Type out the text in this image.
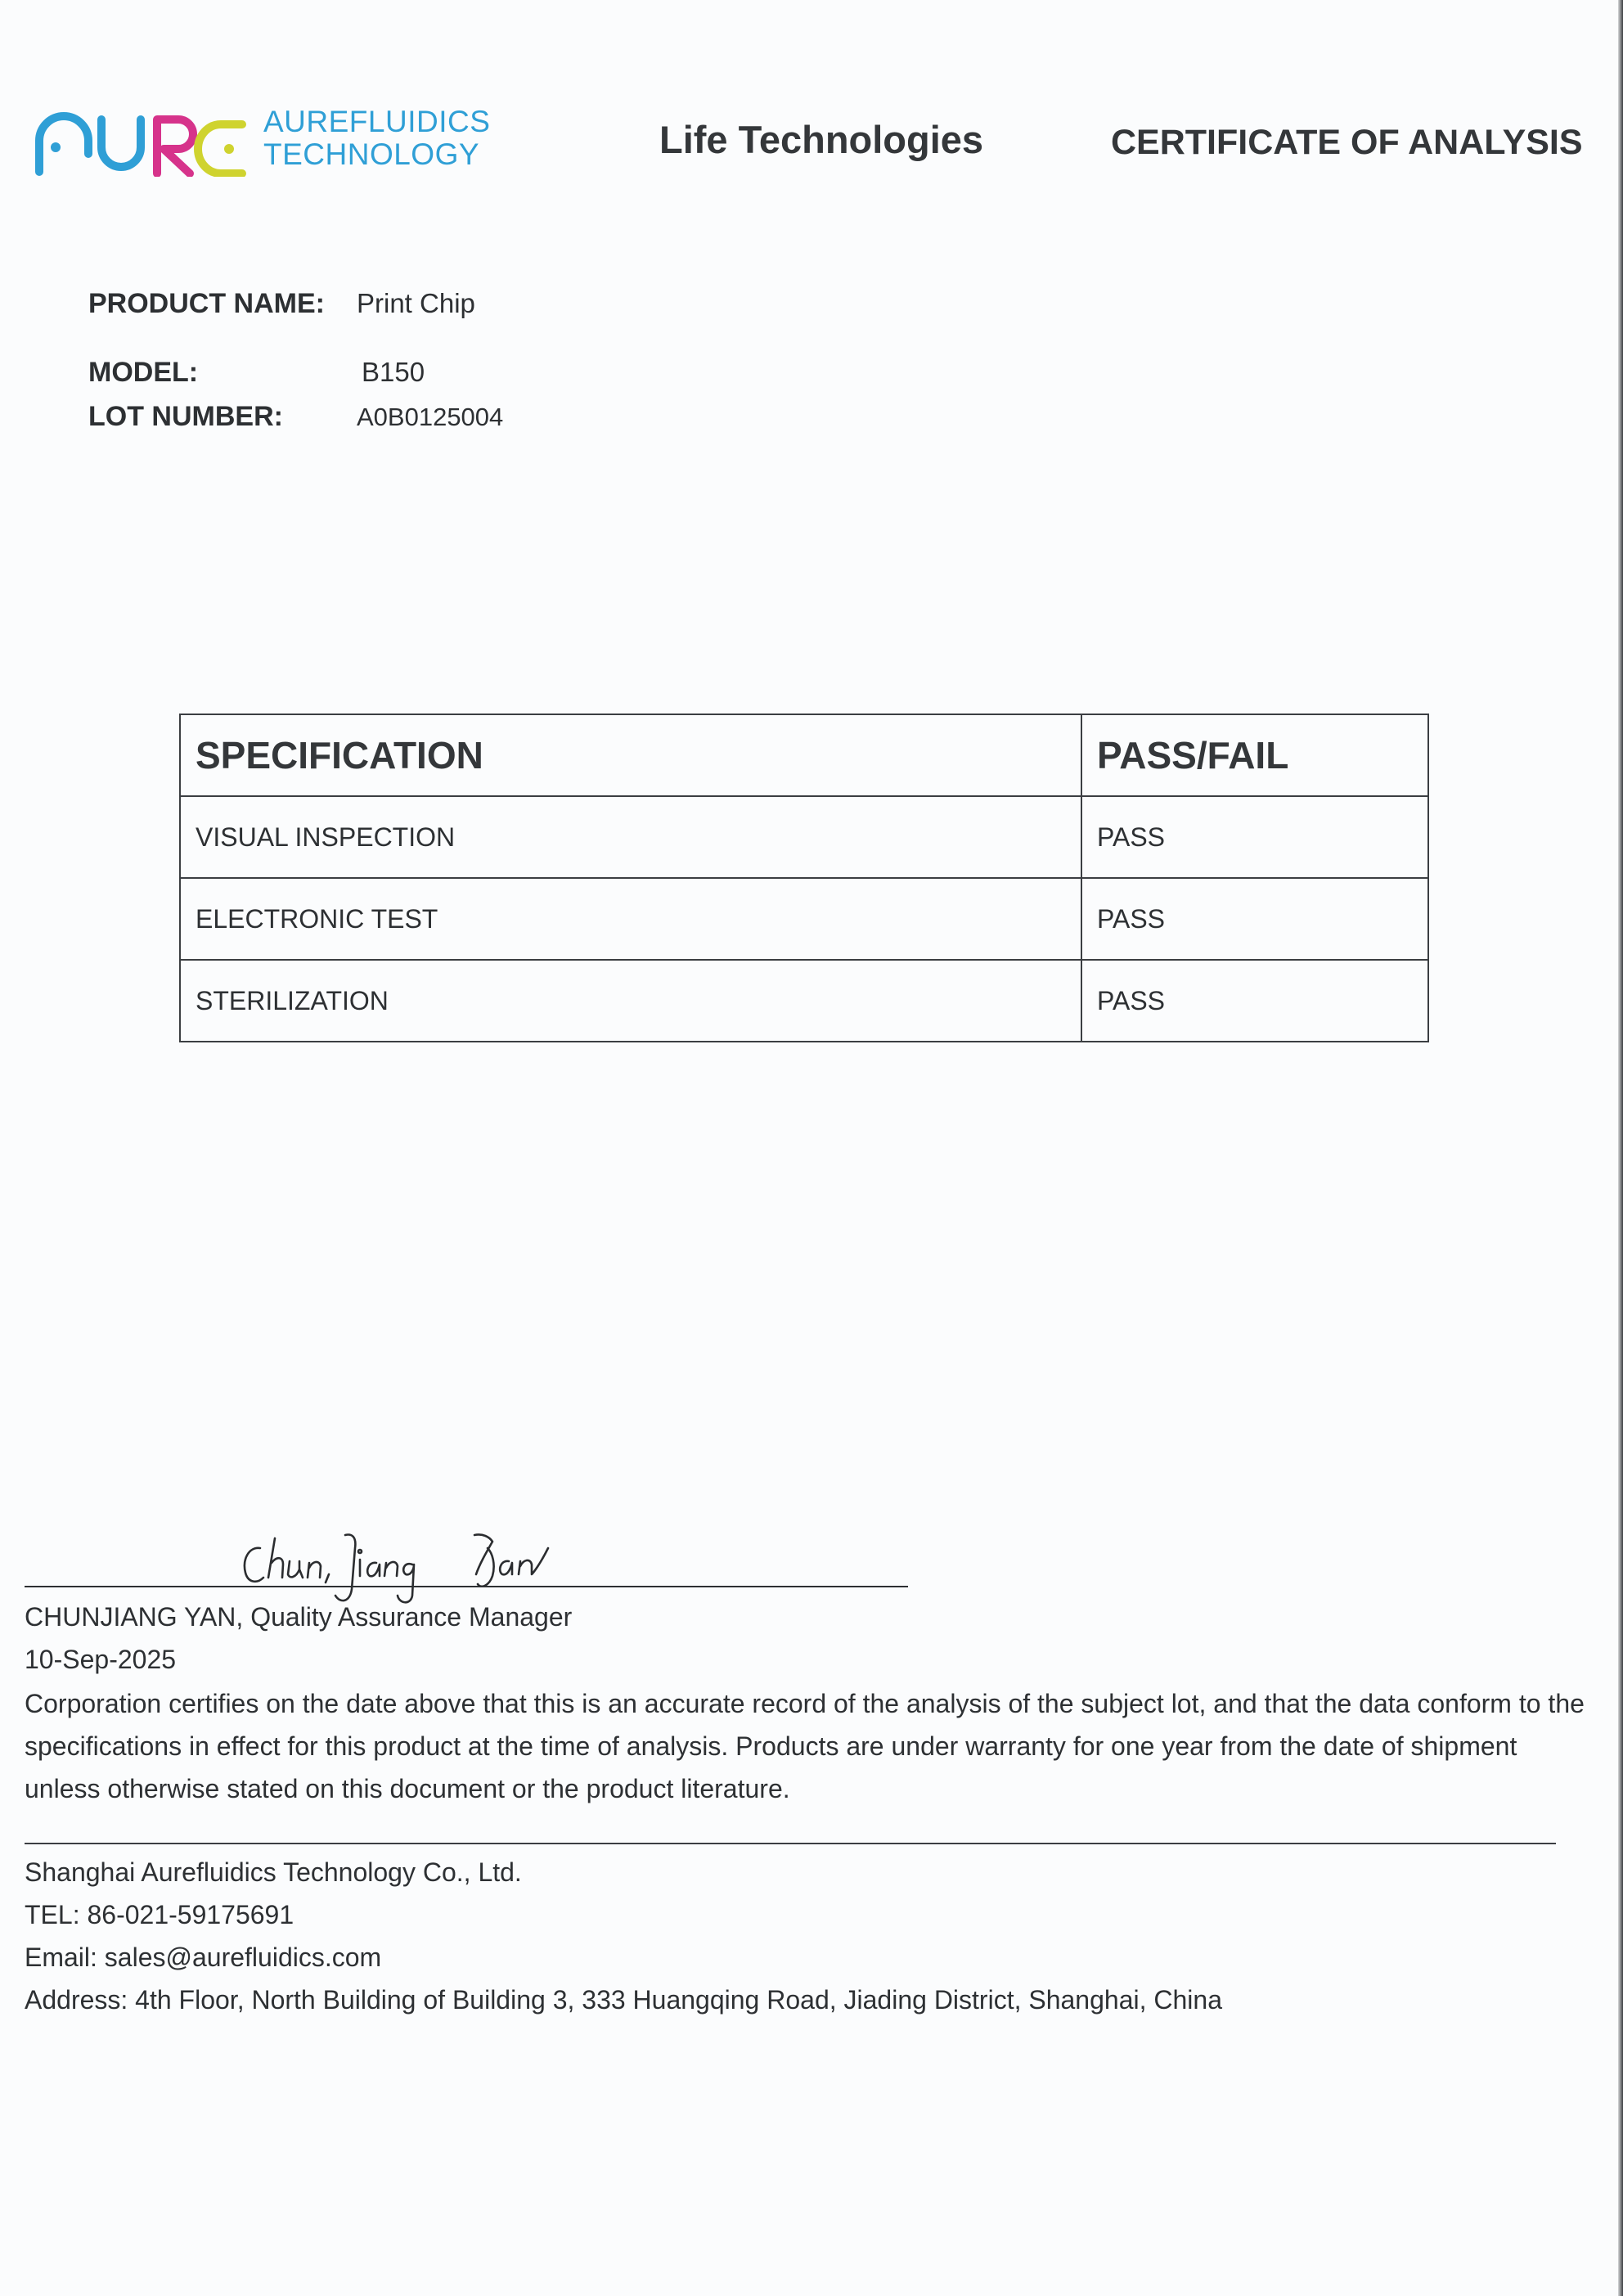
AUREFLUIDICS
TECHNOLOGY	Life Technologies	CERTIFICATE OF ANALYSIS
PRODUCT NAME: Print Chip
MODEL:	B150
LOT NUMBER:	A0B0125004
SPECIFICATION	PASS/FAIL
VISUAL INSPECTION	PASS
ELECTRONIC TEST	PASS
STERILIZATION	PASS
CHUNJIANG YAN, Quality Assurance Manager
10-Sep-2025
Corporation certifies on the date above that this is an accurate record of the analysis of the subject lot, and that the data conform to the specifications in effect for this product at the time of analysis. Products are under warranty for one year from the date of shipment unless otherwise stated on this document or the product literature.
Shanghai Aurefluidics Technology Co., Ltd.
TEL: 86-021-59175691
Email: sales@aurefluidics.com
Address: 4th Floor, North Building of Building 3, 333 Huangqing Road, Jiading District, Shanghai, China
